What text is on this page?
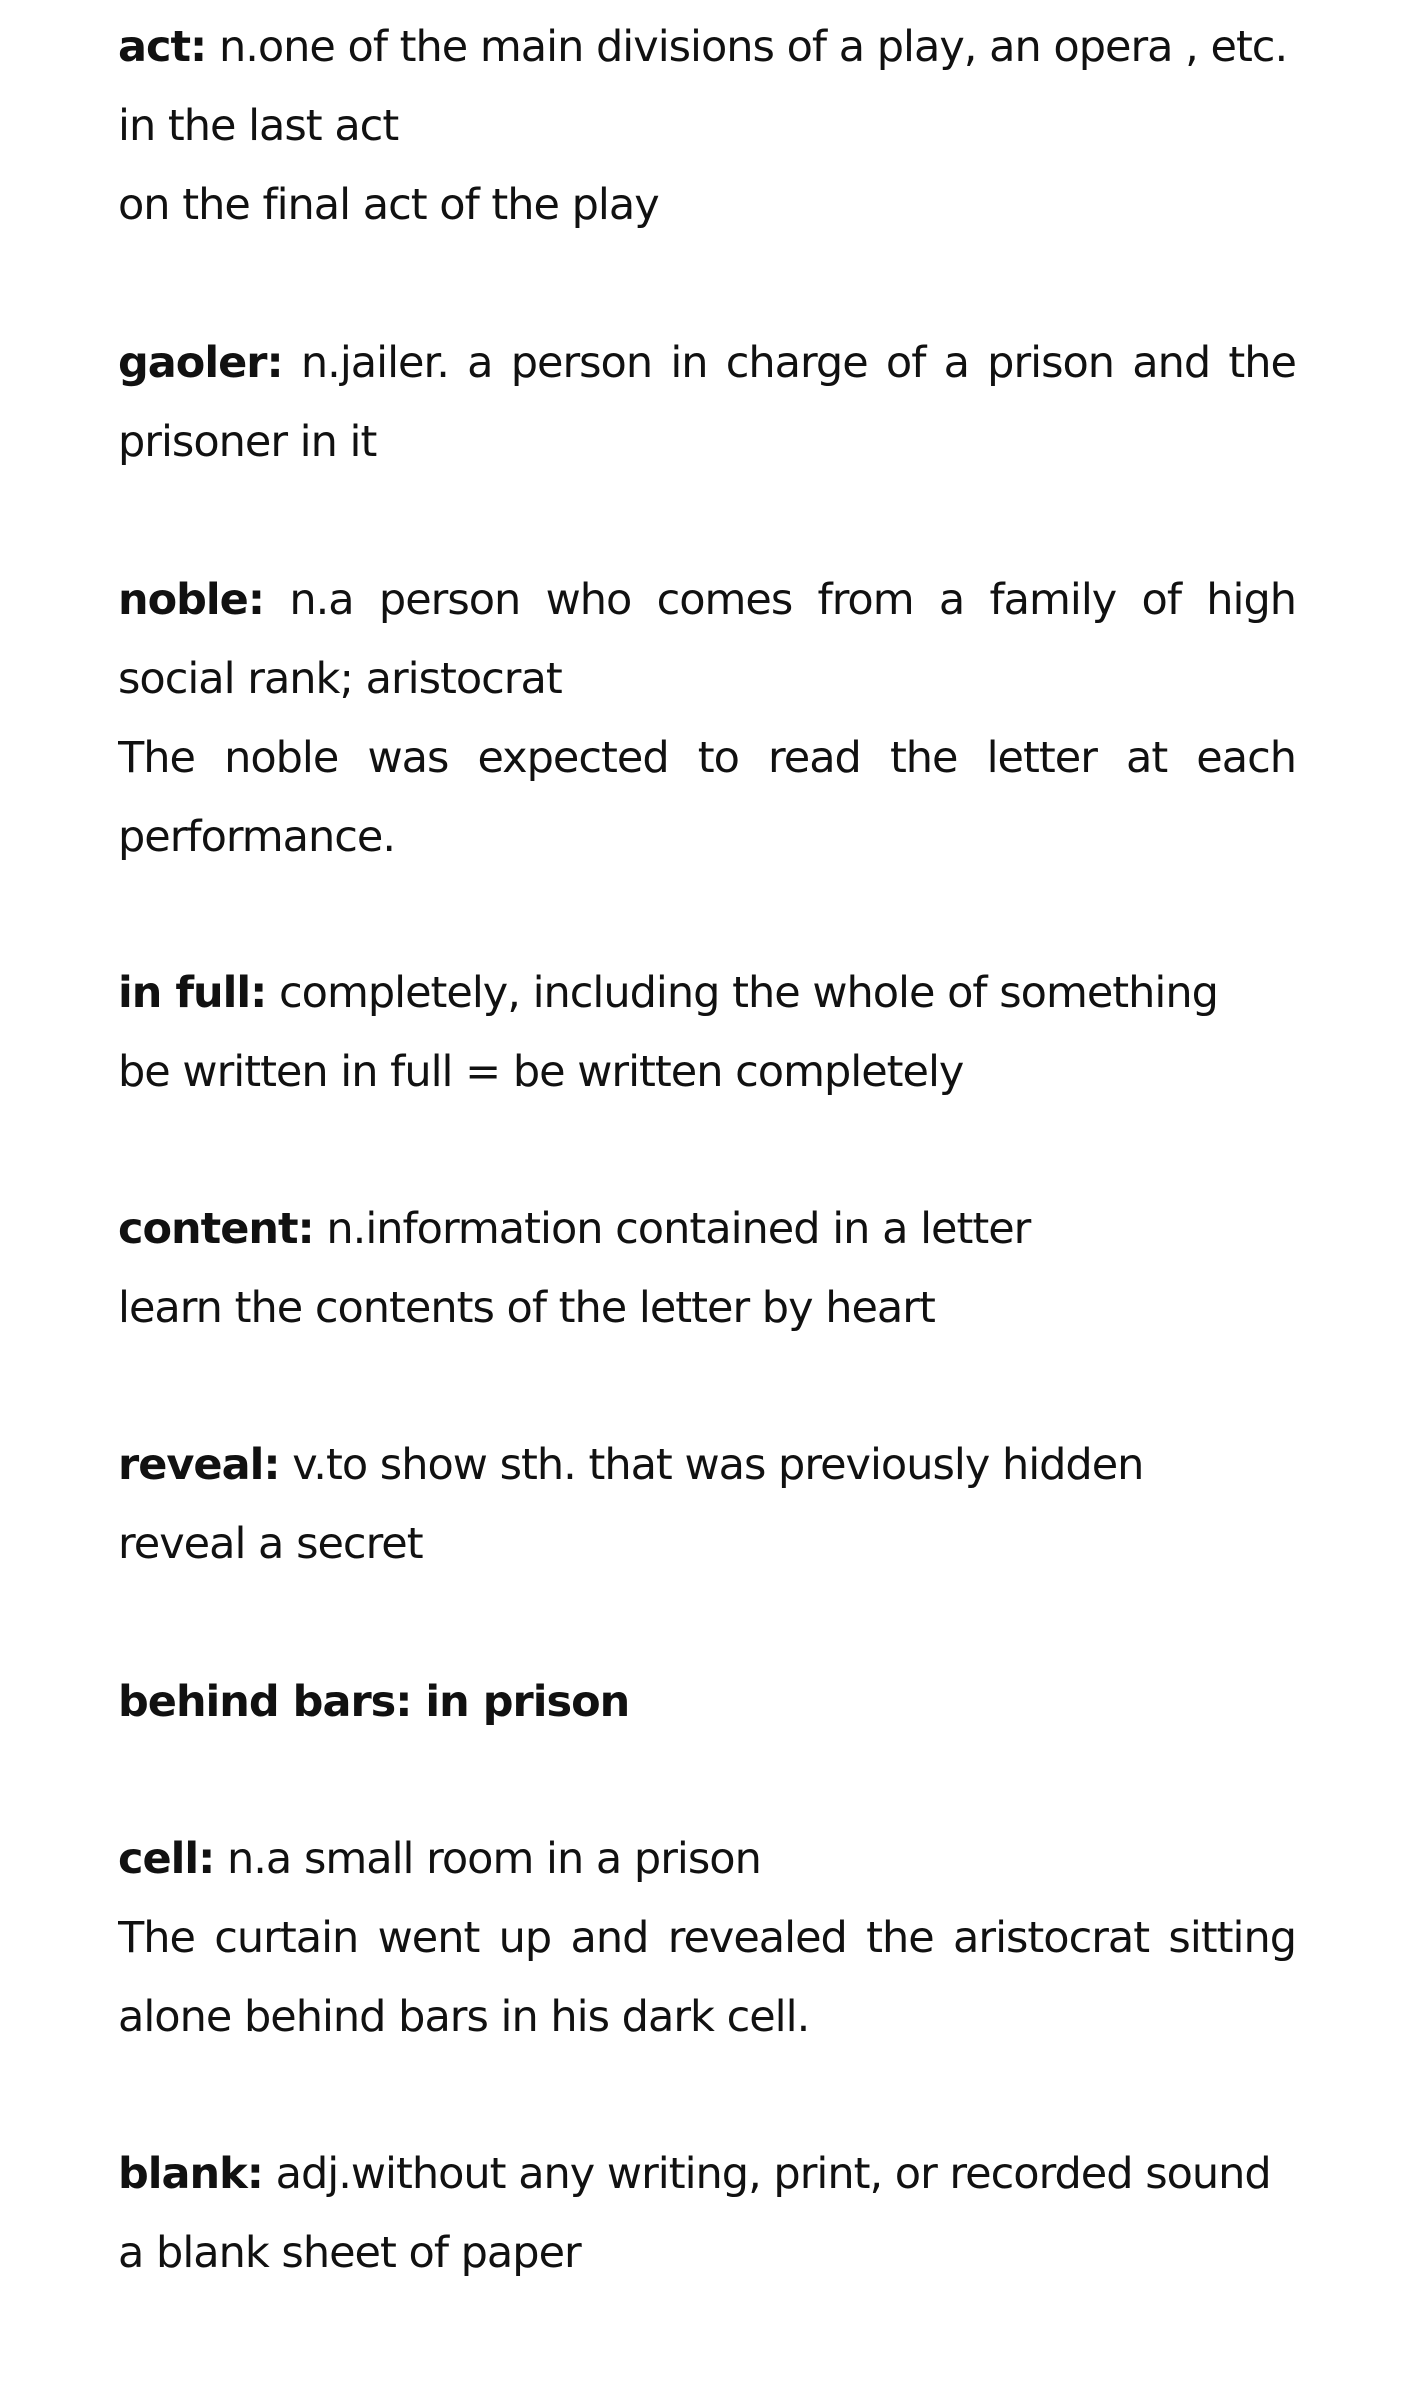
act: n.one of the main divisions of a play, an opera , etc.
in the last act
on the final act of the play
gaoler: n.jailer. a person in charge of a prison and the
prisoner in it
noble: n.a person who comes from a family of high
social rank; aristocrat
The noble was expected to read the letter at each
performance.
in full: completely, including the whole of something
be written in full = be written completely
content: n.information contained in a letter
learn the contents of the letter by heart
reveal: v.to show sth. that was previously hidden
reveal a secret
behind bars: in prison
cell: n.a small room in a prison
The curtain went up and revealed the aristocrat sitting
alone behind bars in his dark cell.
blank: adj.without any writing, print, or recorded sound
a blank sheet of paper
